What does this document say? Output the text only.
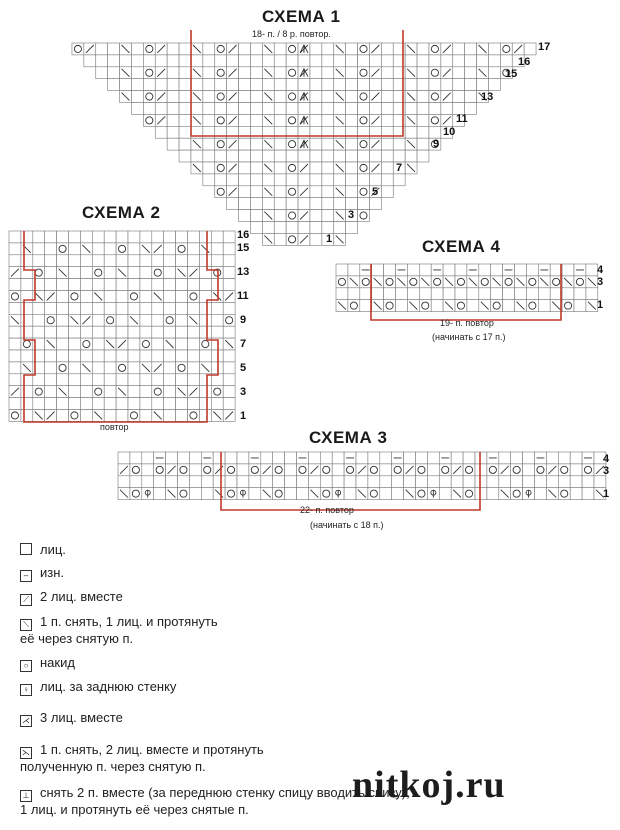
СХЕМА 1
18- п. / 8 р. повтор.
СХЕМА 2
СХЕМА 4
СХЕМА 3
17
16
15
13
11
10
9
7
5
3
1
16
15
13
11
9
7
5
3
1
повтор
4
3
1
19- п. повтор
(начинать с 17 п.)
4
3
1
22- п. повтор
(начинать с 18 п.)
лиц.
– изн.
⟋ 2 лиц. вместе
⟍ 1 п. снять, 1 лиц. и протянуть
её через снятую п.
○ накид
♀ лиц. за заднюю стенку
⋌ 3 лиц. вместе
⋋ 1 п. снять, 2 лиц. вместе и протянуть
полученную п. через снятую п.
⊥ снять 2 п. вместе (за переднюю стенку спицу вводить снизу),
1 лиц. и протянуть её через снятые п.
nitkoj.ru
